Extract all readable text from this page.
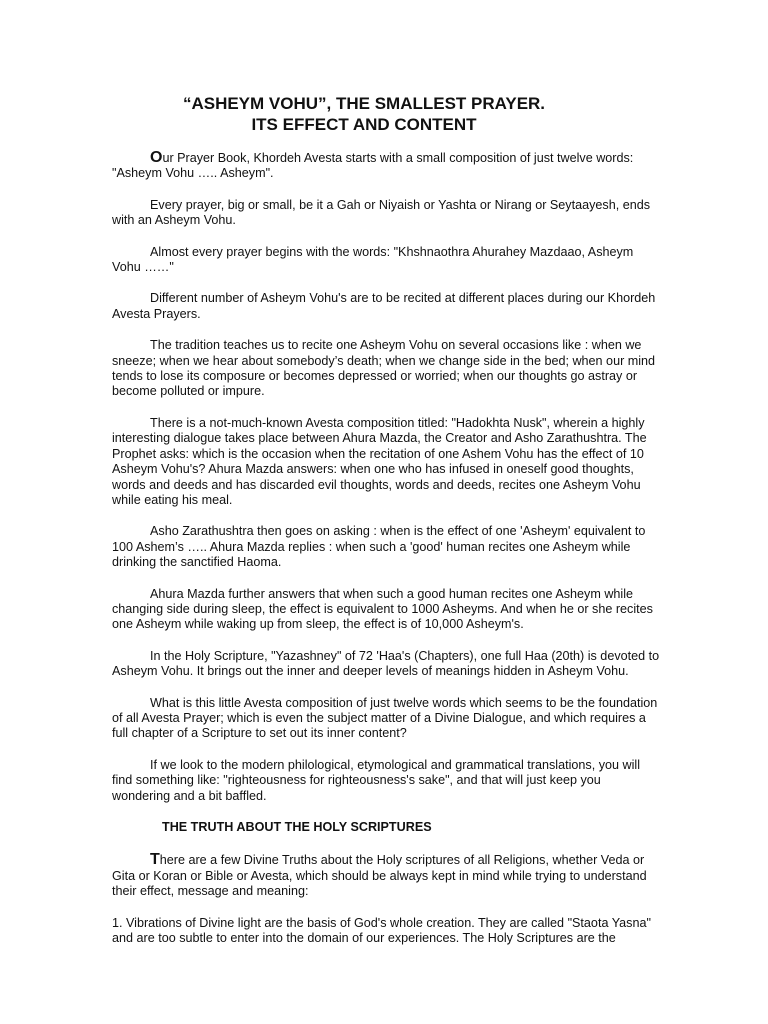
“ASHEYM VOHU”, THE SMALLEST PRAYER.
ITS EFFECT AND CONTENT

Our Prayer Book, Khordeh Avesta starts with a small composition of just twelve words: "Asheym Vohu ….. Asheym".

Every prayer, big or small, be it a Gah or Niyaish or Yashta or Nirang or Seytaayesh, ends with an Asheym Vohu.

Almost every prayer begins with the words: "Khshnaothra Ahurahey Mazdaao, Asheym Vohu ……"

Different number of Asheym Vohu's are to be recited at different places during our Khordeh Avesta Prayers.

The tradition teaches us to recite one Asheym Vohu on several occasions like : when we sneeze; when we hear about somebody’s death; when we change side in the bed; when our mind tends to lose its composure or becomes depressed or worried; when our thoughts go astray or become polluted or impure.

There is a not-much-known Avesta composition titled: "Hadokhta Nusk", wherein a highly interesting dialogue takes place between Ahura Mazda, the Creator and Asho Zarathushtra. The Prophet asks: which is the occasion when the recitation of one Ashem Vohu has the effect of 10 Asheym Vohu's? Ahura Mazda answers: when one who has infused in oneself good thoughts, words and deeds and has discarded evil thoughts, words and deeds, recites one Asheym Vohu while eating his meal.

Asho Zarathushtra then goes on asking : when is the effect of one 'Asheym' equivalent to 100 Ashem’s ….. Ahura Mazda replies : when such a 'good' human recites one Asheym while drinking the sanctified Haoma.

Ahura Mazda further answers that when such a good human recites one Asheym while changing side during sleep, the effect is equivalent to 1000 Asheyms. And when he or she recites one Asheym while waking up from sleep, the effect is of 10,000 Asheym's.

In the Holy Scripture, "Yazashney" of 72 'Haa's (Chapters), one full Haa (20th) is devoted to Asheym Vohu. It brings out the inner and deeper levels of meanings hidden in Asheym Vohu.

What is this little Avesta composition of just twelve words which seems to be the foundation of all Avesta Prayer; which is even the subject matter of a Divine Dialogue, and which requires a full chapter of a Scripture to set out its inner content?

If we look to the modern philological, etymological and grammatical translations, you will find something like: "righteousness for righteousness's sake", and that will just keep you wondering and a bit baffled.

THE TRUTH ABOUT THE HOLY SCRIPTURES

There are a few Divine Truths about the Holy scriptures of all Religions, whether Veda or Gita or Koran or Bible or Avesta, which should be always kept in mind while trying to understand their effect, message and meaning:

1. Vibrations of Divine light are the basis of God's whole creation. They are called "Staota Yasna" and are too subtle to enter into the domain of our experiences. The Holy Scriptures are the
